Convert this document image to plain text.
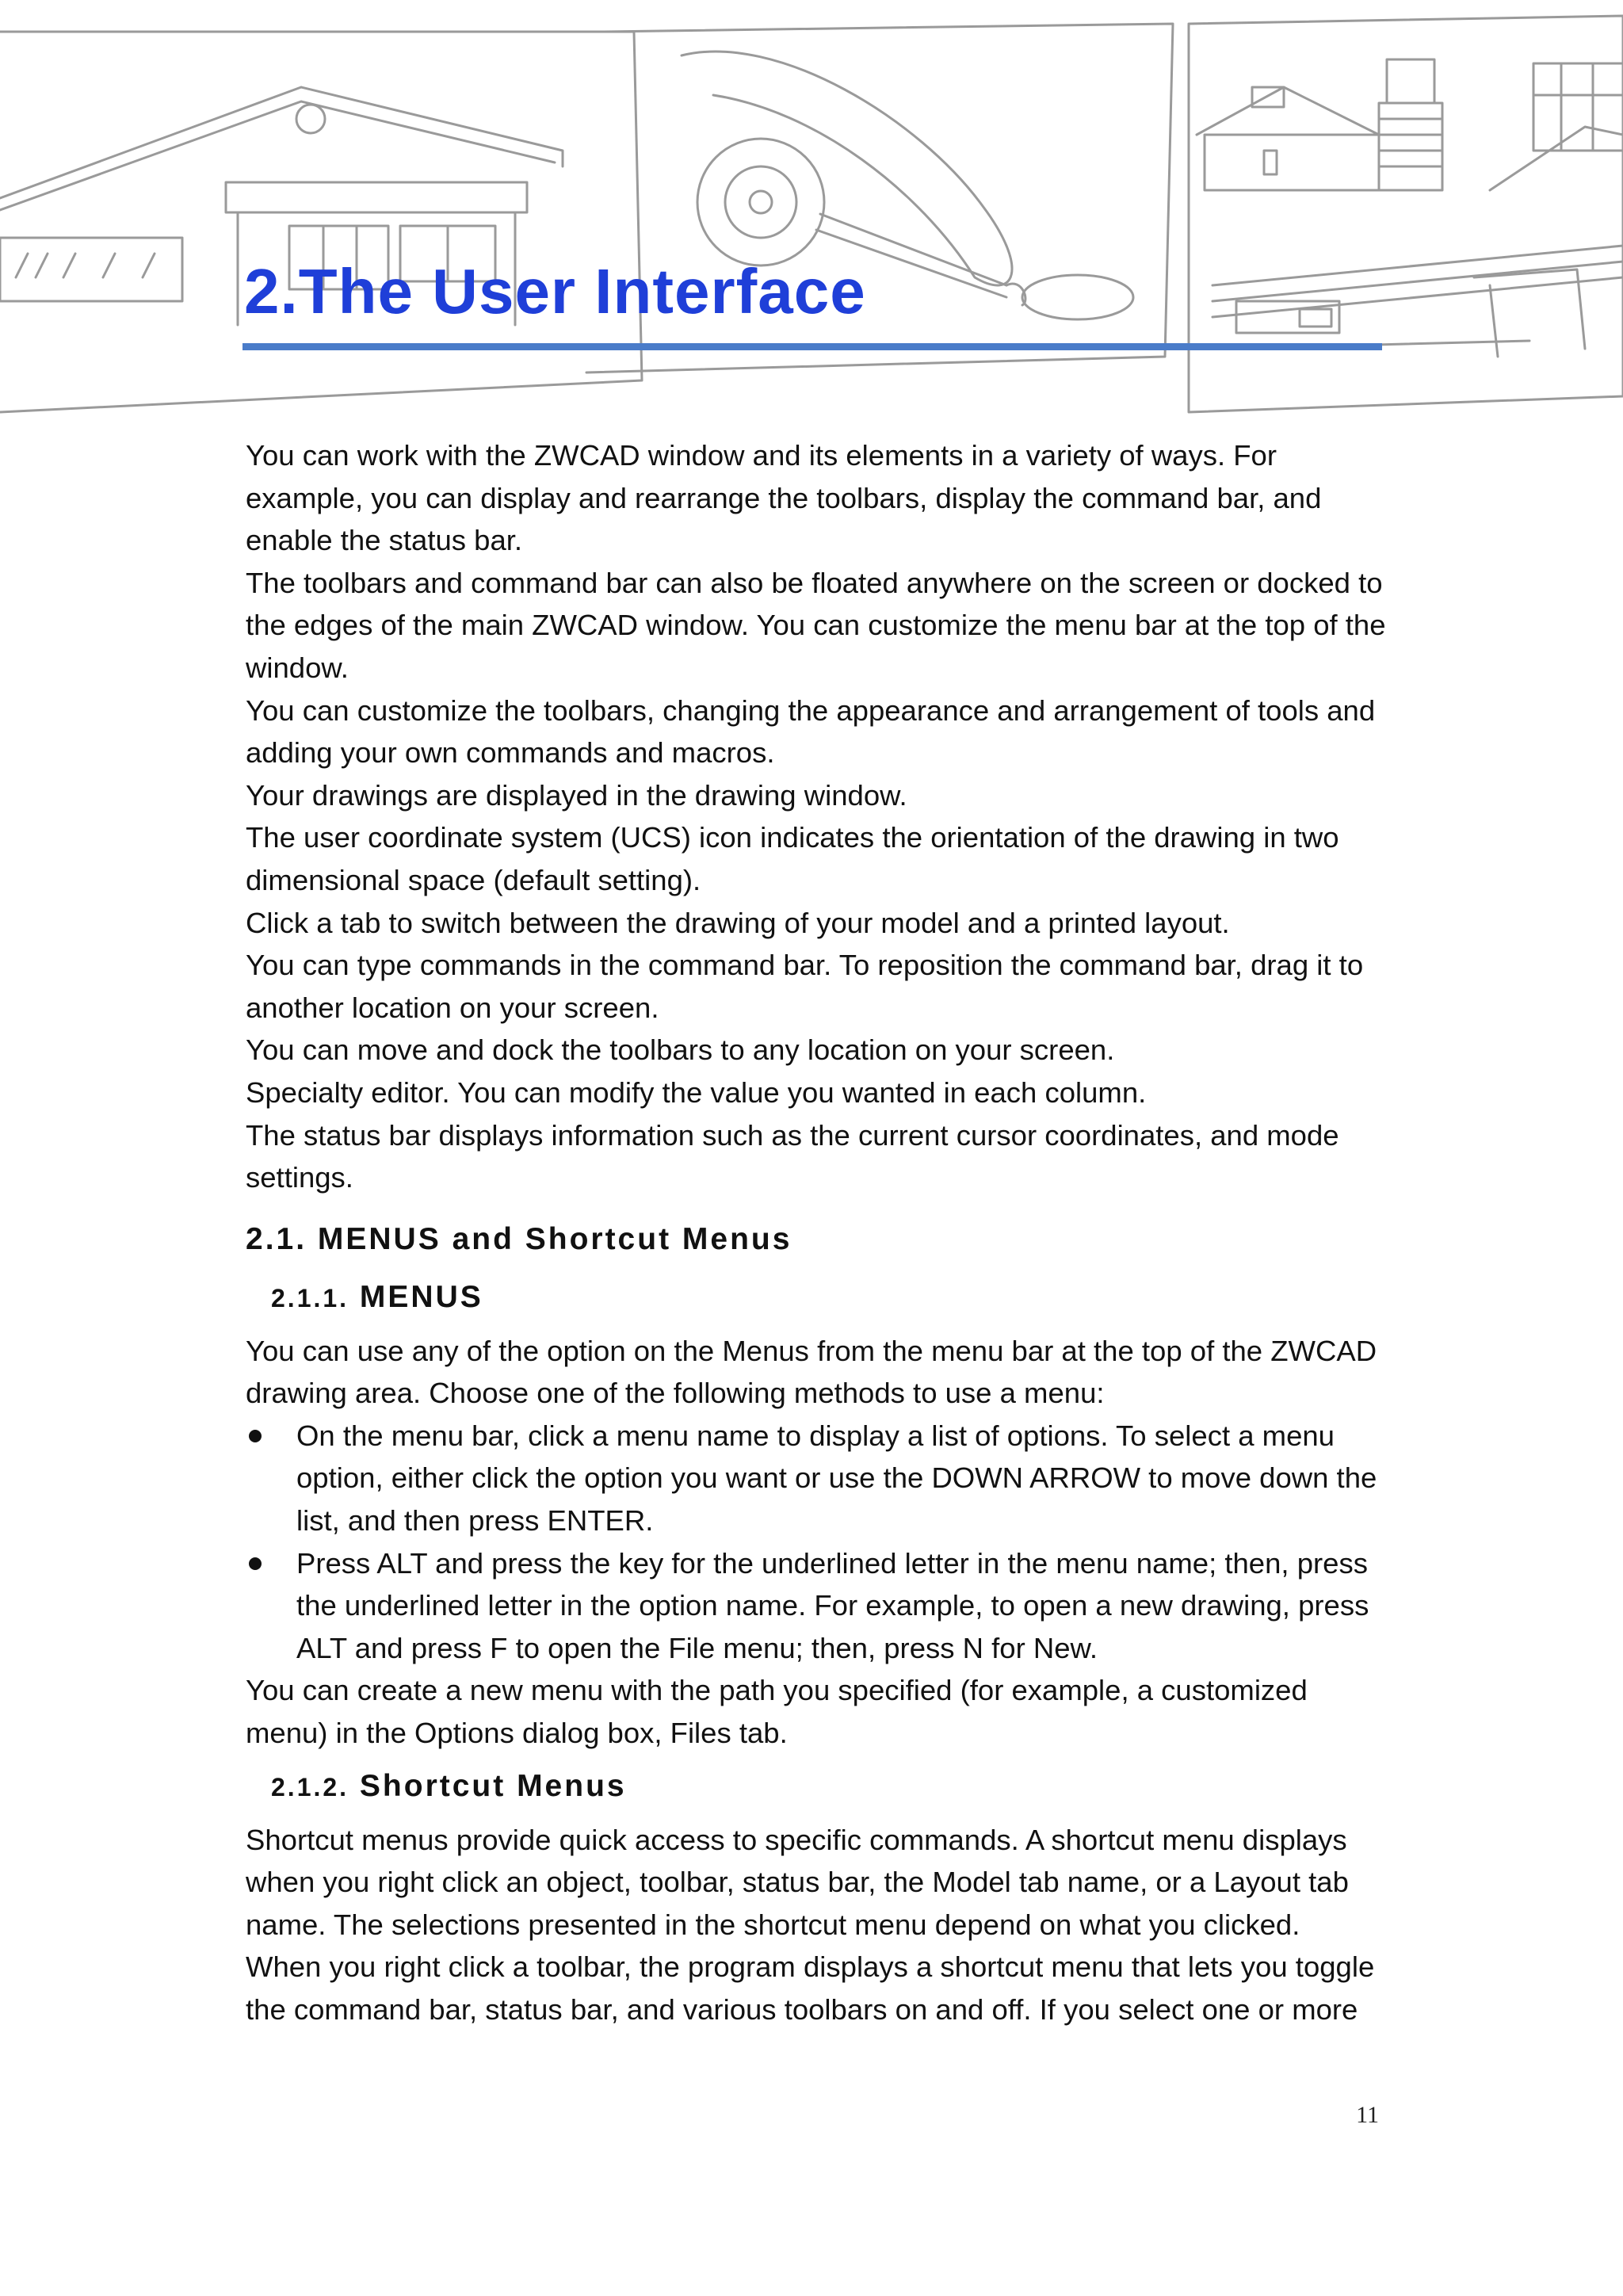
2.The User Interface

You can work with the ZWCAD window and its elements in a variety of ways. For example, you can display and rearrange the toolbars, display the command bar, and enable the status bar.

The toolbars and command bar can also be floated anywhere on the screen or docked to the edges of the main ZWCAD window. You can customize the menu bar at the top of the window.

You can customize the toolbars, changing the appearance and arrangement of tools and adding your own commands and macros.

Your drawings are displayed in the drawing window.

The user coordinate system (UCS) icon indicates the orientation of the drawing in two dimensional space (default setting).

Click a tab to switch between the drawing of your model and a printed layout.

You can type commands in the command bar. To reposition the command bar, drag it to another location on your screen.

You can move and dock the toolbars to any location on your screen.

Specialty editor. You can modify the value you wanted in each column.

The status bar displays information such as the current cursor coordinates, and mode settings.

2.1. MENUS and Shortcut Menus
2.1.1. MENUS

You can use any of the option on the Menus from the menu bar at the top of the ZWCAD drawing area. Choose one of the following methods to use a menu:

On the menu bar, click a menu name to display a list of options. To select a menu option, either click the option you want or use the DOWN ARROW to move down the list, and then press ENTER.
Press ALT and press the key for the underlined letter in the menu name; then, press the underlined letter in the option name. For example, to open a new drawing, press ALT and press F to open the File menu; then, press N for New.

You can create a new menu with the path you specified (for example, a customized menu) in the Options dialog box, Files tab.

2.1.2. Shortcut Menus

Shortcut menus provide quick access to specific commands. A shortcut menu displays when you right click an object, toolbar, status bar, the Model tab name, or a Layout tab name. The selections presented in the shortcut menu depend on what you clicked.

When you right click a toolbar, the program displays a shortcut menu that lets you toggle the command bar, status bar, and various toolbars on and off. If you select one or more

11
